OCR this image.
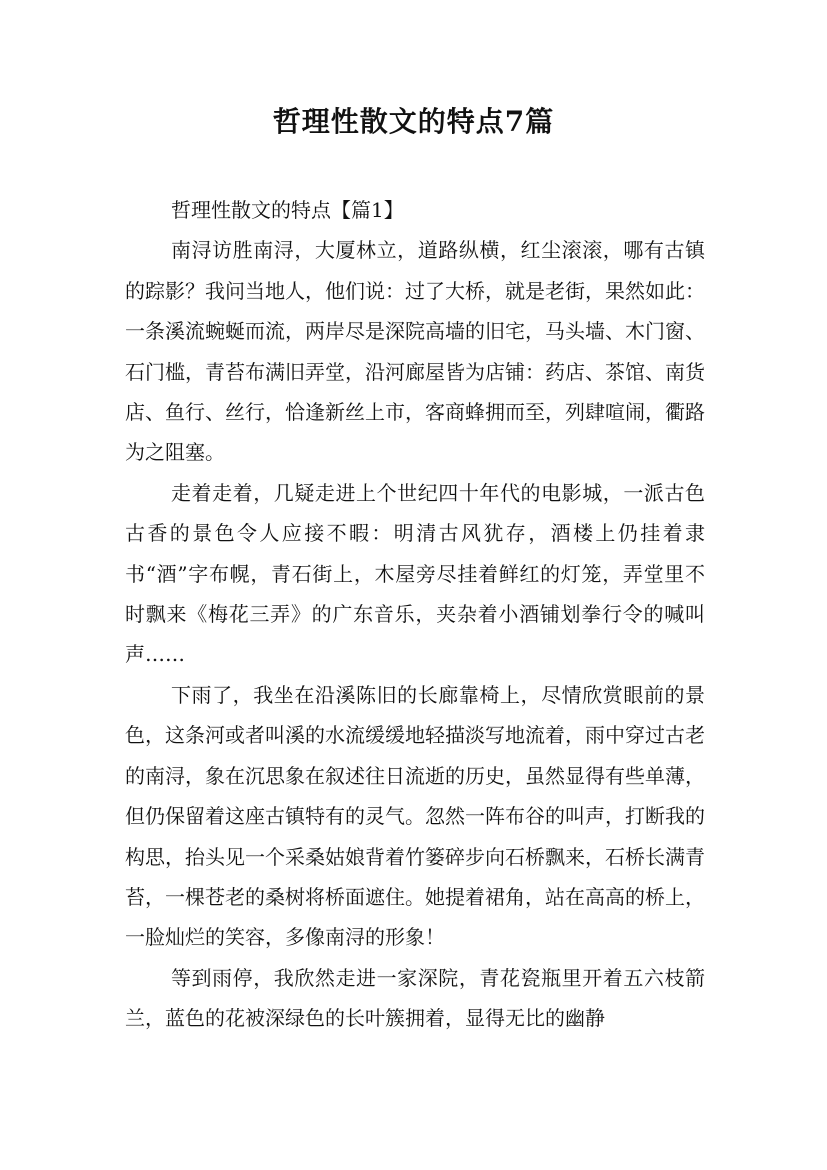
哲理性散文的特点7篇

哲理性散文的特点【篇1】

南浔访胜南浔，大厦林立，道路纵横，红尘滚滚，哪有古镇的踪影？我问当地人，他们说：过了大桥，就是老街，果然如此：一条溪流蜿蜒而流，两岸尽是深院高墙的旧宅，马头墙、木门窗、石门槛，青苔布满旧弄堂，沿河廊屋皆为店铺：药店、茶馆、南货店、鱼行、丝行，恰逢新丝上市，客商蜂拥而至，列肆喧闹，衢路为之阻塞。

走着走着，几疑走进上个世纪四十年代的电影城，一派古色古香的景色令人应接不暇：明清古风犹存，酒楼上仍挂着隶书“酒”字布幌，青石街上，木屋旁尽挂着鲜红的灯笼，弄堂里不时飘来《梅花三弄》的广东音乐，夹杂着小酒铺划拳行令的喊叫声……

下雨了，我坐在沿溪陈旧的长廊靠椅上，尽情欣赏眼前的景色，这条河或者叫溪的水流缓缓地轻描淡写地流着，雨中穿过古老的南浔，象在沉思象在叙述往日流逝的历史，虽然显得有些单薄，但仍保留着这座古镇特有的灵气。忽然一阵布谷的叫声，打断我的构思，抬头见一个采桑姑娘背着竹篓碎步向石桥飘来，石桥长满青苔，一棵苍老的桑树将桥面遮住。她提着裙角，站在高高的桥上，一脸灿烂的笑容，多像南浔的形象！

等到雨停，我欣然走进一家深院，青花瓷瓶里开着五六枝箭兰，蓝色的花被深绿色的长叶簇拥着，显得无比的幽静
